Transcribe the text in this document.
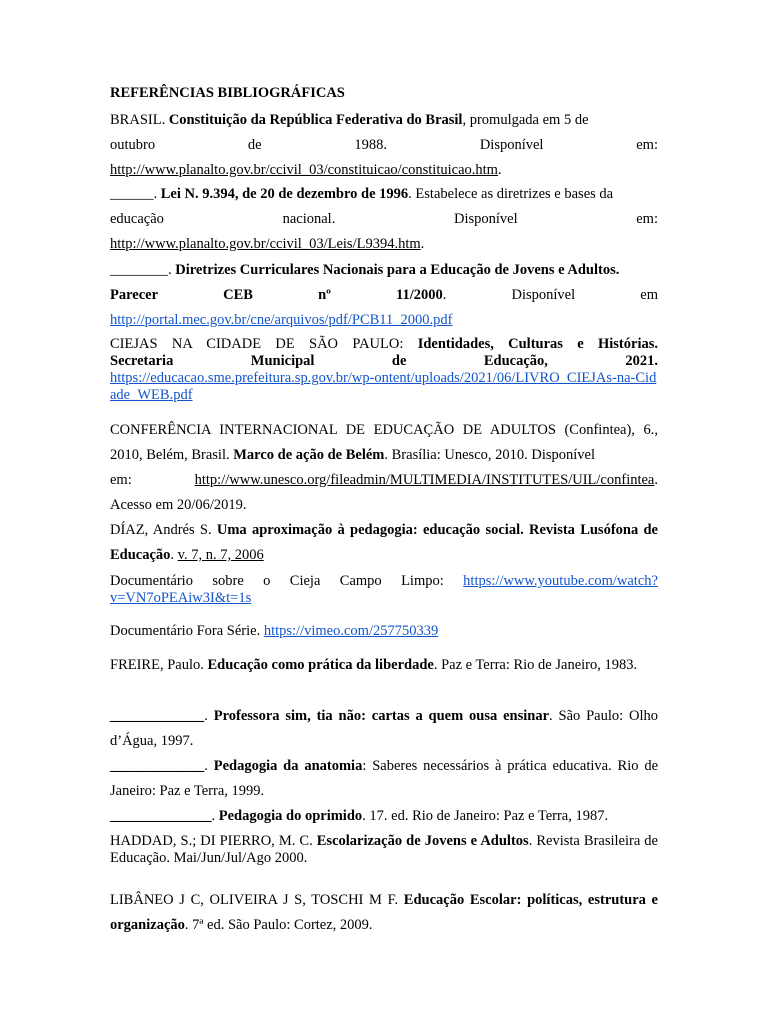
REFERÊNCIAS BIBLIOGRÁFICAS
BRASIL. Constituição da República Federativa do Brasil, promulgada em 5 de
outubro	de	1988.	Disponível	em:
http://www.planalto.gov.br/ccivil_03/constituicao/constituicao.htm.
______. Lei N. 9.394, de 20 de dezembro de 1996. Estabelece as diretrizes e bases da
educação	nacional.	Disponível	em:
http://www.planalto.gov.br/ccivil_03/Leis/L9394.htm.
________. Diretrizes Curriculares Nacionais para a Educação de Jovens e Adultos.
Parecer	CEB	nº	11/2000.	Disponível	em
http://portal.mec.gov.br/cne/arquivos/pdf/PCB11_2000.pdf
CIEJAS NA CIDADE DE SÃO PAULO: Identidades, Culturas e Histórias.
Secretaria	Municipal	de	Educação,	2021.
https://educacao.sme.prefeitura.sp.gov.br/wp-ontent/uploads/2021/06/LIVRO_CIEJAs-na-Cidade_WEB.pdf
CONFERÊNCIA INTERNACIONAL DE EDUCAÇÃO DE ADULTOS (Confintea), 6., 2010, Belém, Brasil. Marco de ação de Belém. Brasília: Unesco, 2010. Disponível
em:	http://www.unesco.org/fileadmin/MULTIMEDIA/INSTITUTES/UIL/confintea.
Acesso em 20/06/2019.
DÍAZ, Andrés S. Uma aproximação à pedagogia: educação social. Revista Lusófona de Educação. v. 7, n. 7, 2006
Documentário sobre o Cieja Campo Limpo: https://www.youtube.com/watch?
v=VN7oPEAiw3I&t=1s
Documentário Fora Série. https://vimeo.com/257750339
FREIRE, Paulo. Educação como prática da liberdade. Paz e Terra: Rio de Janeiro, 1983.
_____________. Professora sim, tia não: cartas a quem ousa ensinar. São Paulo: Olho d’Água, 1997.
_____________. Pedagogia da anatomia: Saberes necessários à prática educativa. Rio de Janeiro: Paz e Terra, 1999.
______________. Pedagogia do oprimido. 17. ed. Rio de Janeiro: Paz e Terra, 1987.
HADDAD, S.; DI PIERRO, M. C. Escolarização de Jovens e Adultos. Revista Brasileira de Educação. Mai/Jun/Jul/Ago 2000.
LIBÂNEO J C, OLIVEIRA J S, TOSCHI M F. Educação Escolar: políticas, estrutura e organização. 7ª ed. São Paulo: Cortez, 2009.
